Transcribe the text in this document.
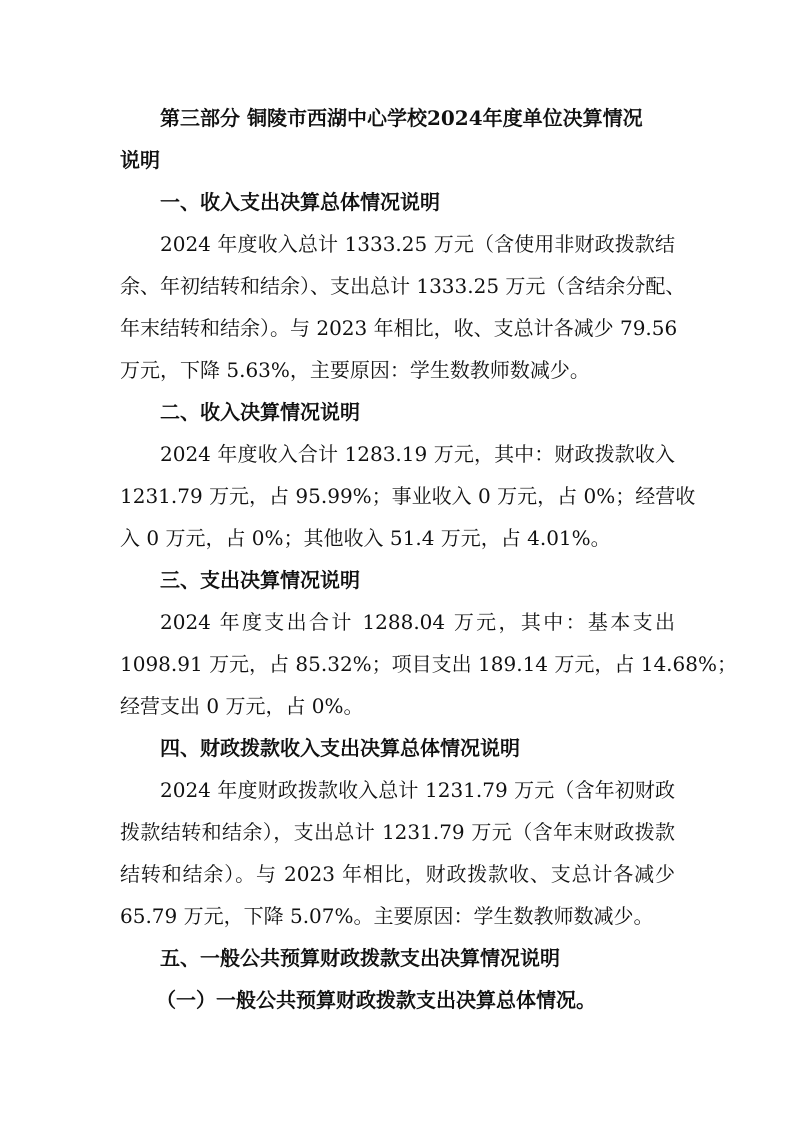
第三部分 铜陵市西湖中心学校2024年度单位决算情况
说明
一、收入支出决算总体情况说明
2024 年度收入总计 1333.25 万元（含使用非财政拨款结
余、年初结转和结余）、支出总计 1333.25 万元（含结余分配、
年末结转和结余）。与 2023 年相比，收、支总计各减少 79.56
万元，下降 5.63%，主要原因：学生数教师数减少。
二、收入决算情况说明
2024 年度收入合计 1283.19 万元，其中：财政拨款收入
1231.79 万元，占 95.99%；事业收入 0 万元，占 0%；经营收
入 0 万元，占 0%；其他收入 51.4 万元，占 4.01%。
三、支出决算情况说明
2024 年度支出合计 1288.04 万元，其中：基本支出
1098.91 万元，占 85.32%；项目支出 189.14 万元，占 14.68%；
经营支出 0 万元，占 0%。
四、财政拨款收入支出决算总体情况说明
2024 年度财政拨款收入总计 1231.79 万元（含年初财政
拨款结转和结余），支出总计 1231.79 万元（含年末财政拨款
结转和结余）。与 2023 年相比，财政拨款收、支总计各减少
65.79 万元，下降 5.07%。主要原因：学生数教师数减少。
五、一般公共预算财政拨款支出决算情况说明
（一）一般公共预算财政拨款支出决算总体情况。
